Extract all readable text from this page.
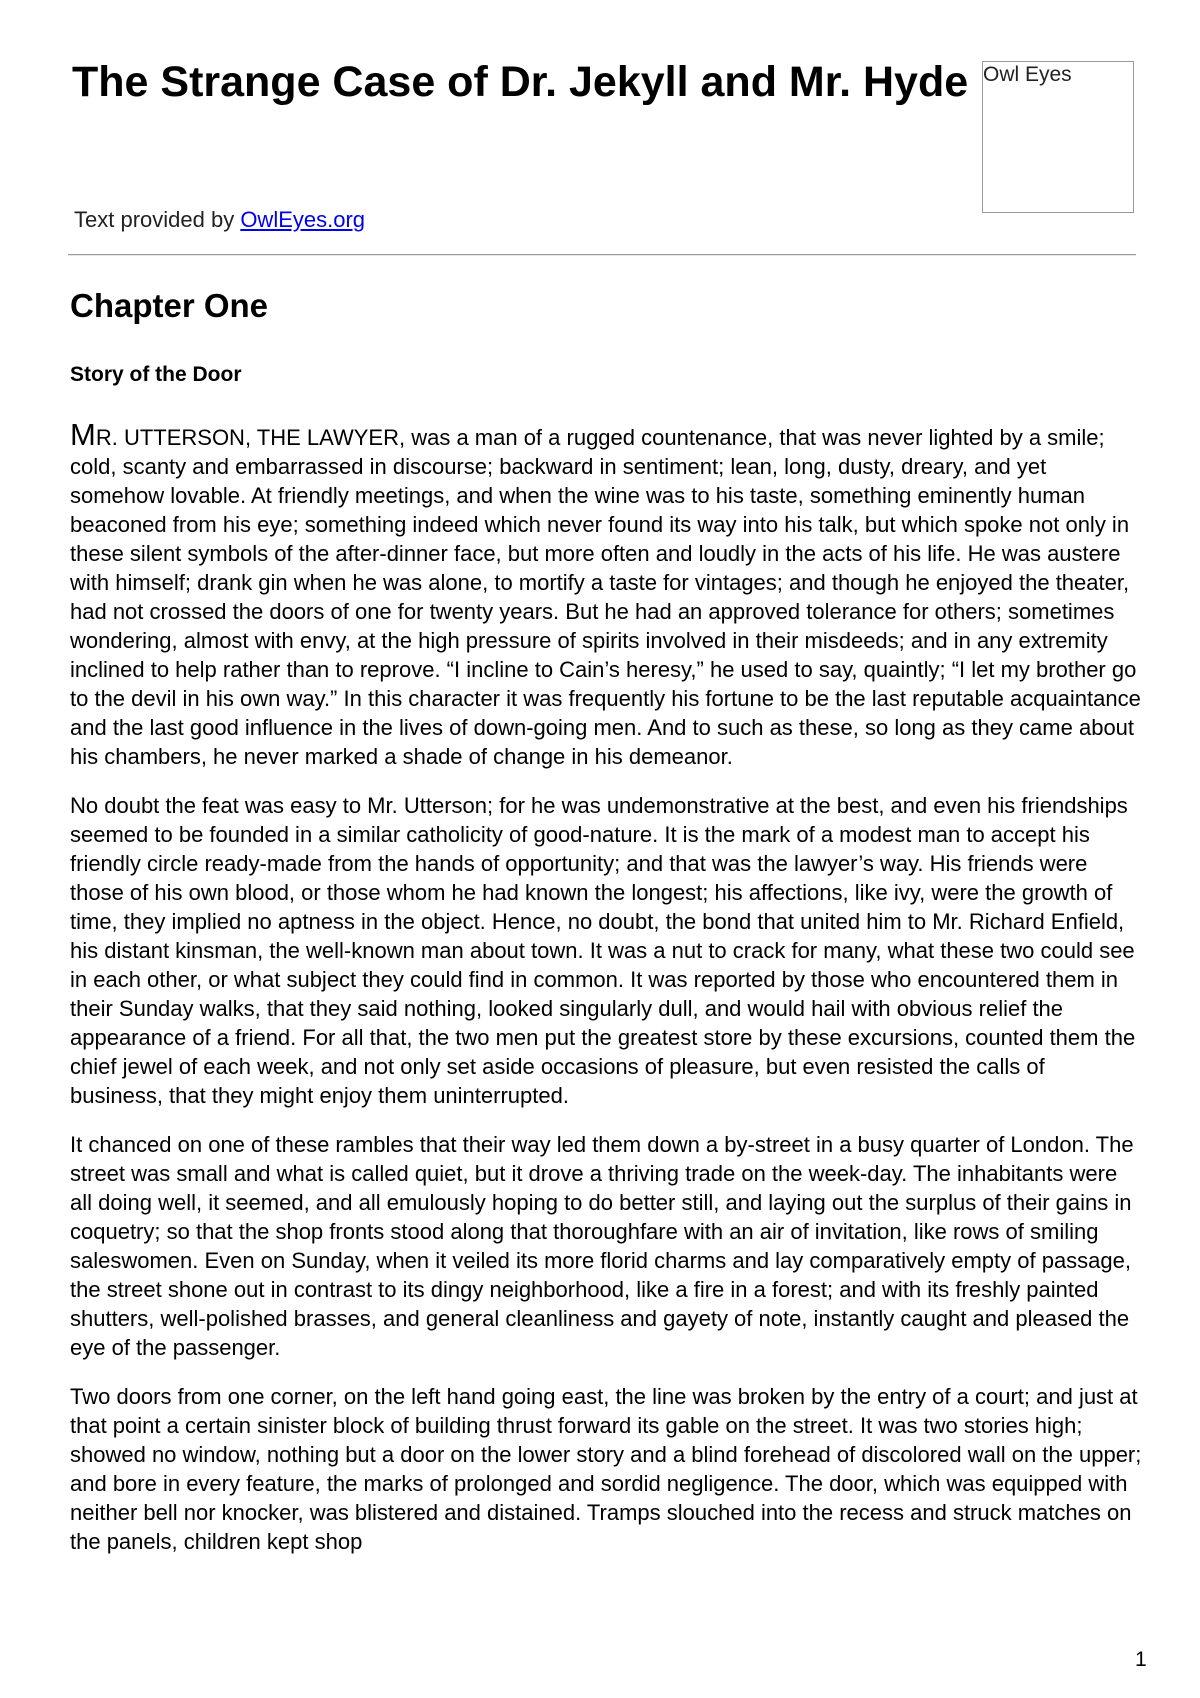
The Strange Case of Dr. Jekyll and Mr. Hyde Owl Eyes

Text provided by OwlEyes.org

Chapter One
Story of the Door

MR. UTTERSON, THE LAWYER, was a man of a rugged countenance, that was never lighted by a smile; cold, scanty and embarrassed in discourse; backward in sentiment; lean, long, dusty, dreary, and yet somehow lovable. At friendly meetings, and when the wine was to his taste, something eminently human beaconed from his eye; something indeed which never found its way into his talk, but which spoke not only in these silent symbols of the after-dinner face, but more often and loudly in the acts of his life. He was austere with himself; drank gin when he was alone, to mortify a taste for vintages; and though he enjoyed the theater, had not crossed the doors of one for twenty years. But he had an approved tolerance for others; sometimes wondering, almost with envy, at the high pressure of spirits involved in their misdeeds; and in any extremity inclined to help rather than to reprove. “I incline to Cain’s heresy,” he used to say, quaintly; “I let my brother go to the devil in his own way.” In this character it was frequently his fortune to be the last reputable acquaintance and the last good influence in the lives of down-going men. And to such as these, so long as they came about his chambers, he never marked a shade of change in his demeanor.

No doubt the feat was easy to Mr. Utterson; for he was undemonstrative at the best, and even his friendships seemed to be founded in a similar catholicity of good-nature. It is the mark of a modest man to accept his friendly circle ready-made from the hands of opportunity; and that was the lawyer’s way. His friends were those of his own blood, or those whom he had known the longest; his affections, like ivy, were the growth of time, they implied no aptness in the object. Hence, no doubt, the bond that united him to Mr. Richard Enfield, his distant kinsman, the well-known man about town. It was a nut to crack for many, what these two could see in each other, or what subject they could find in common. It was reported by those who encountered them in their Sunday walks, that they said nothing, looked singularly dull, and would hail with obvious relief the appearance of a friend. For all that, the two men put the greatest store by these excursions, counted them the chief jewel of each week, and not only set aside occasions of pleasure, but even resisted the calls of business, that they might enjoy them uninterrupted.

It chanced on one of these rambles that their way led them down a by-street in a busy quarter of London. The street was small and what is called quiet, but it drove a thriving trade on the week-day. The inhabitants were all doing well, it seemed, and all emulously hoping to do better still, and laying out the surplus of their gains in coquetry; so that the shop fronts stood along that thoroughfare with an air of invitation, like rows of smiling saleswomen. Even on Sunday, when it veiled its more florid charms and lay comparatively empty of passage, the street shone out in contrast to its dingy neighborhood, like a fire in a forest; and with its freshly painted shutters, well-polished brasses, and general cleanliness and gayety of note, instantly caught and pleased the eye of the passenger.

Two doors from one corner, on the left hand going east, the line was broken by the entry of a court; and just at that point a certain sinister block of building thrust forward its gable on the street. It was two stories high; showed no window, nothing but a door on the lower story and a blind forehead of discolored wall on the upper; and bore in every feature, the marks of prolonged and sordid negligence. The door, which was equipped with neither bell nor knocker, was blistered and distained. Tramps slouched into the recess and struck matches on the panels, children kept shop

1
